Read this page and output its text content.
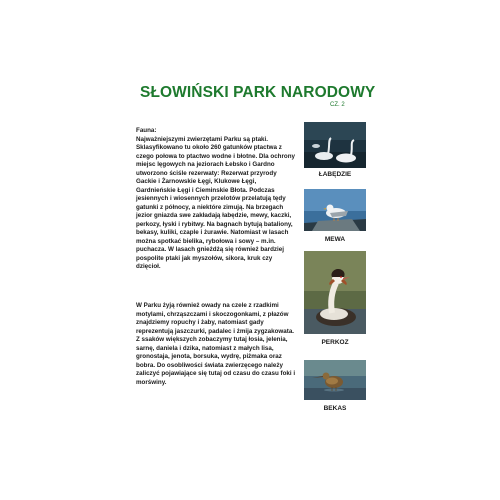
SŁOWIŃSKI PARK NARODOWY
CZ. 2

Fauna:

Najważniejszymi zwierzętami Parku są ptaki. Sklasyfikowano tu około 260 gatunków ptactwa z czego połowa to ptactwo wodne i błotne. Dla ochrony miejsc lęgowych na jeziorach Łebsko i Gardno utworzono ściśle rezerwaty: Rezerwat przyrody Gackie i Żarnowskie Łęgi, Klukowe Łęgi, Gardnieńskie Łęgi i Cieminskie Błota. Podczas jesiennych i wiosennych przelotów przelatują tędy gatunki z północy, a niektóre zimują. Na brzegach jezior gniazda swe zakładają łabędzie, mewy, kaczki, perkozy, łyski i rybitwy. Na bagnach bytują bataliony, bekasy, kuliki, czaple i żurawie. Natomiast w lasach można spotkać bielika, rybołowa i sowy – m.in. puchacza. W lasach gnieżdżą się również bardziej pospolite ptaki jak myszołów, sikora, kruk czy dzięcioł.

W Parku żyją również owady na czele z rzadkimi motylami, chrząszczami i skoczogonkami, z płazów znajdziemy ropuchy i żaby, natomiast gady reprezentują jaszczurki, padalec i żmija zygzakowata. Z ssaków większych zobaczymy tutaj łosia, jelenia, sarnę, daniela i dzika, natomiast z małych lisa, gronostaja, jenota, borsuka, wydrę, piżmaka oraz bobra. Do osobliwości świata zwierzęcego należy zaliczyć pojawiające się tutaj od czasu do czasu foki i morświny.

ŁABĘDZIE
MEWA
PERKOZ
BEKAS
